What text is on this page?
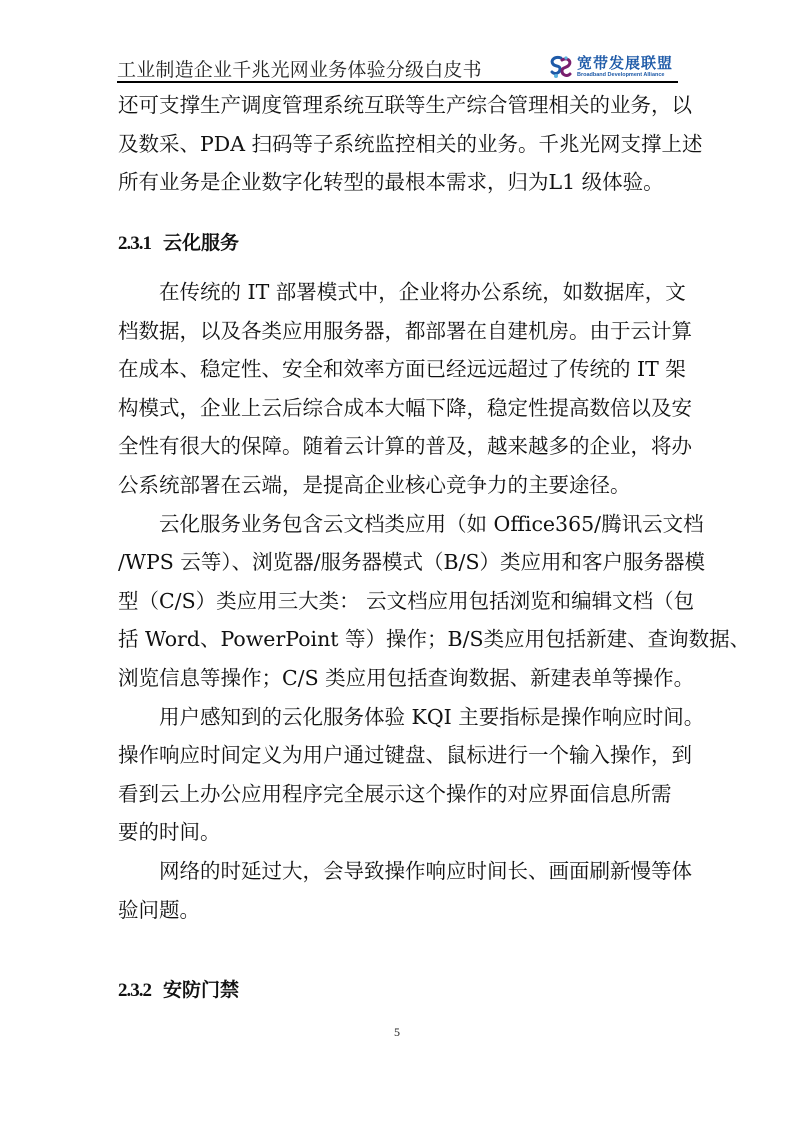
工业制造企业千兆光网业务体验分级白皮书	宽带发展联盟
Broadband Development Alliance
还可支撑生产调度管理系统互联等生产综合管理相关的业务，以
及数采、PDA 扫码等子系统监控相关的业务。千兆光网支撑上述
所有业务是企业数字化转型的最根本需求，归为L1 级体验。
2.3.1 云化服务
在传统的 IT 部署模式中，企业将办公系统，如数据库，文
档数据，以及各类应用服务器，都部署在自建机房。由于云计算
在成本、稳定性、安全和效率方面已经远远超过了传统的 IT 架
构模式，企业上云后综合成本大幅下降，稳定性提高数倍以及安
全性有很大的保障。随着云计算的普及，越来越多的企业，将办
公系统部署在云端，是提高企业核心竞争力的主要途径。
云化服务业务包含云文档类应用（如 Office365/腾讯云文档
/WPS 云等）、浏览器/服务器模式（B/S）类应用和客户服务器模
型（C/S）类应用三大类： 云文档应用包括浏览和编辑文档（包
括 Word、PowerPoint 等）操作；B/S类应用包括新建、查询数据、
浏览信息等操作；C/S 类应用包括查询数据、新建表单等操作。
用户感知到的云化服务体验 KQI 主要指标是操作响应时间。
操作响应时间定义为用户通过键盘、鼠标进行一个输入操作，到
看到云上办公应用程序完全展示这个操作的对应界面信息所需
要的时间。
网络的时延过大，会导致操作响应时间长、画面刷新慢等体
验问题。
2.3.2 安防门禁
5
